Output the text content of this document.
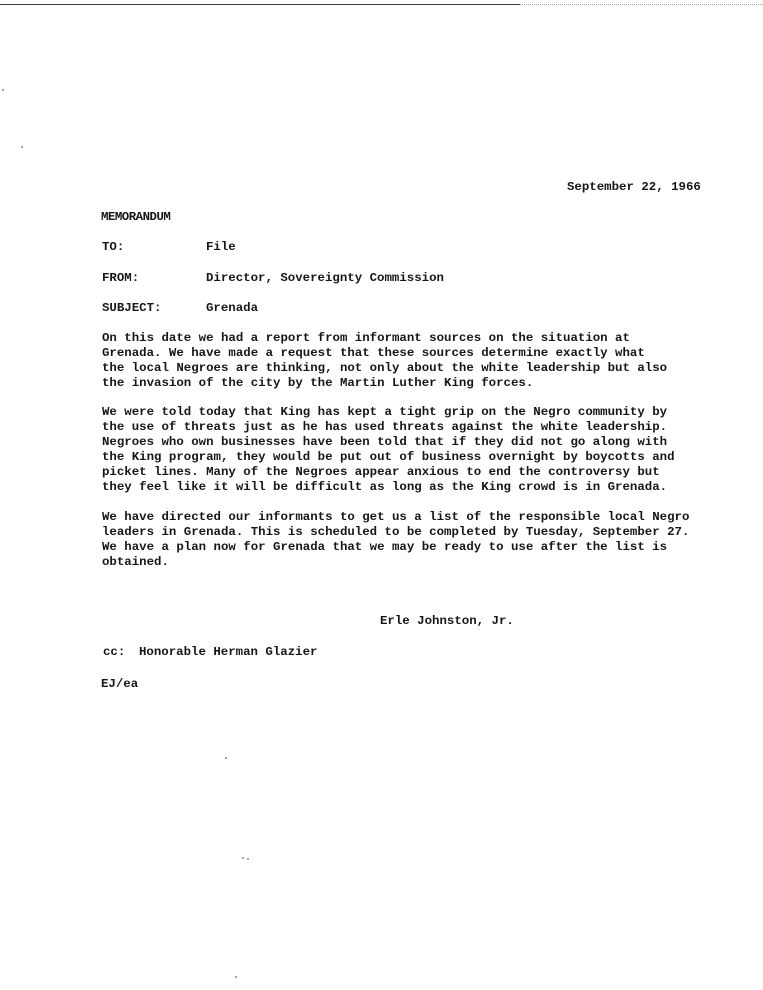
September 22, 1966
MEMORANDUM
TO:	File
FROM:	Director, Sovereignty Commission
SUBJECT:	Grenada
On this date we had a report from informant sources on the situation at
Grenada. We have made a request that these sources determine exactly what
the local Negroes are thinking, not only about the white leadership but also
the invasion of the city by the Martin Luther King forces.
We were told today that King has kept a tight grip on the Negro community by
the use of threats just as he has used threats against the white leadership.
Negroes who own businesses have been told that if they did not go along with
the King program, they would be put out of business overnight by boycotts and
picket lines. Many of the Negroes appear anxious to end the controversy but
they feel like it will be difficult as long as the King crowd is in Grenada.
We have directed our informants to get us a list of the responsible local Negro
leaders in Grenada. This is scheduled to be completed by Tuesday, September 27.
We have a plan now for Grenada that we may be ready to use after the list is
obtained.
Erle Johnston, Jr.
cc: Honorable Herman Glazier
EJ/ea
